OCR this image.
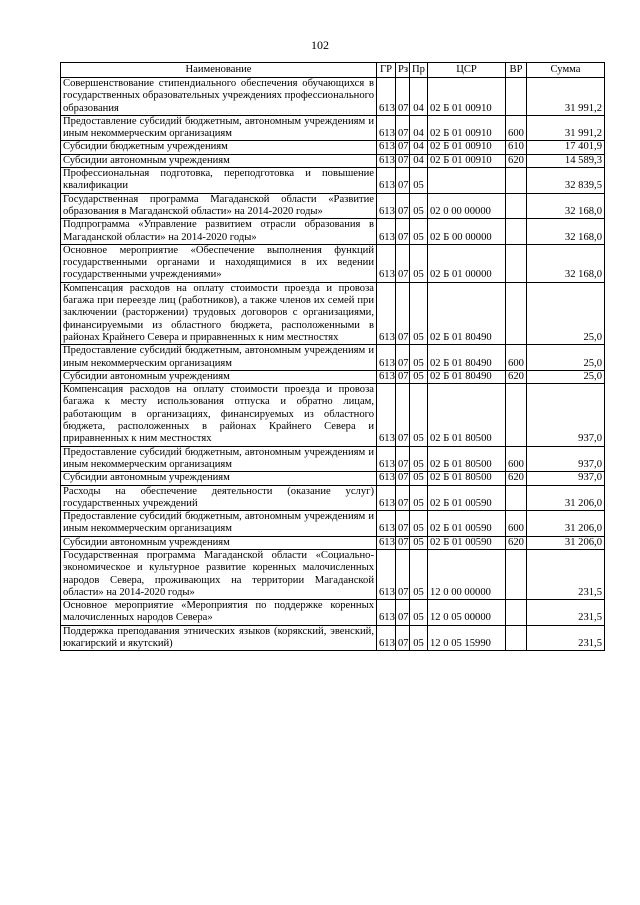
102
Наименование	ГР	Рз	Пр	ЦСР	ВР	Сумма
Совершенствование стипендиального обеспечения обучающихся в государственных образовательных учреждениях профессионального образования	613	07	04	02 Б 01 00910		31 991,2
Предоставление субсидий бюджетным, автономным учреждениям и иным некоммерческим организациям	613	07	04	02 Б 01 00910	600	31 991,2
Субсидии бюджетным учреждениям	613	07	04	02 Б 01 00910	610	17 401,9
Субсидии автономным учреждениям	613	07	04	02 Б 01 00910	620	14 589,3
Профессиональная подготовка, переподготовка и повышение квалификации	613	07	05			32 839,5
Государственная программа Магаданской области «Развитие образования в Магаданской области» на 2014-2020 годы»	613	07	05	02 0 00 00000		32 168,0
Подпрограмма «Управление развитием отрасли образования в Магаданской области» на 2014-2020 годы»	613	07	05	02 Б 00 00000		32 168,0
Основное мероприятие «Обеспечение выполнения функций государственными органами и находящимися в их ведении государственными учреждениями»	613	07	05	02 Б 01 00000		32 168,0
Компенсация расходов на оплату стоимости проезда и провоза багажа при переезде лиц (работников), а также членов их семей при заключении (расторжении) трудовых договоров с организациями, финансируемыми из областного бюджета, расположенными в районах Крайнего Севера и приравненных к ним местностях	613	07	05	02 Б 01 80490		25,0
Предоставление субсидий бюджетным, автономным учреждениям и иным некоммерческим организациям	613	07	05	02 Б 01 80490	600	25,0
Субсидии автономным учреждениям	613	07	05	02 Б 01 80490	620	25,0
Компенсация расходов на оплату стоимости проезда и провоза багажа к месту использования отпуска и обратно лицам, работающим в организациях, финансируемых из областного бюджета, расположенных в районах Крайнего Севера и приравненных к ним местностях	613	07	05	02 Б 01 80500		937,0
Предоставление субсидий бюджетным, автономным учреждениям и иным некоммерческим организациям	613	07	05	02 Б 01 80500	600	937,0
Субсидии автономным учреждениям	613	07	05	02 Б 01 80500	620	937,0
Расходы на обеспечение деятельности (оказание услуг) государственных учреждений	613	07	05	02 Б 01 00590		31 206,0
Предоставление субсидий бюджетным, автономным учреждениям и иным некоммерческим организациям	613	07	05	02 Б 01 00590	600	31 206,0
Субсидии автономным учреждениям	613	07	05	02 Б 01 00590	620	31 206,0
Государственная программа Магаданской области «Социально-экономическое и культурное развитие коренных малочисленных народов Севера, проживающих на территории Магаданской области» на 2014-2020 годы»	613	07	05	12 0 00 00000		231,5
Основное мероприятие «Мероприятия по поддержке коренных малочисленных народов Севера»	613	07	05	12 0 05 00000		231,5
Поддержка преподавания этнических языков (корякский, эвенский, юкагирский и якутский)	613	07	05	12 0 05 15990		231,5
